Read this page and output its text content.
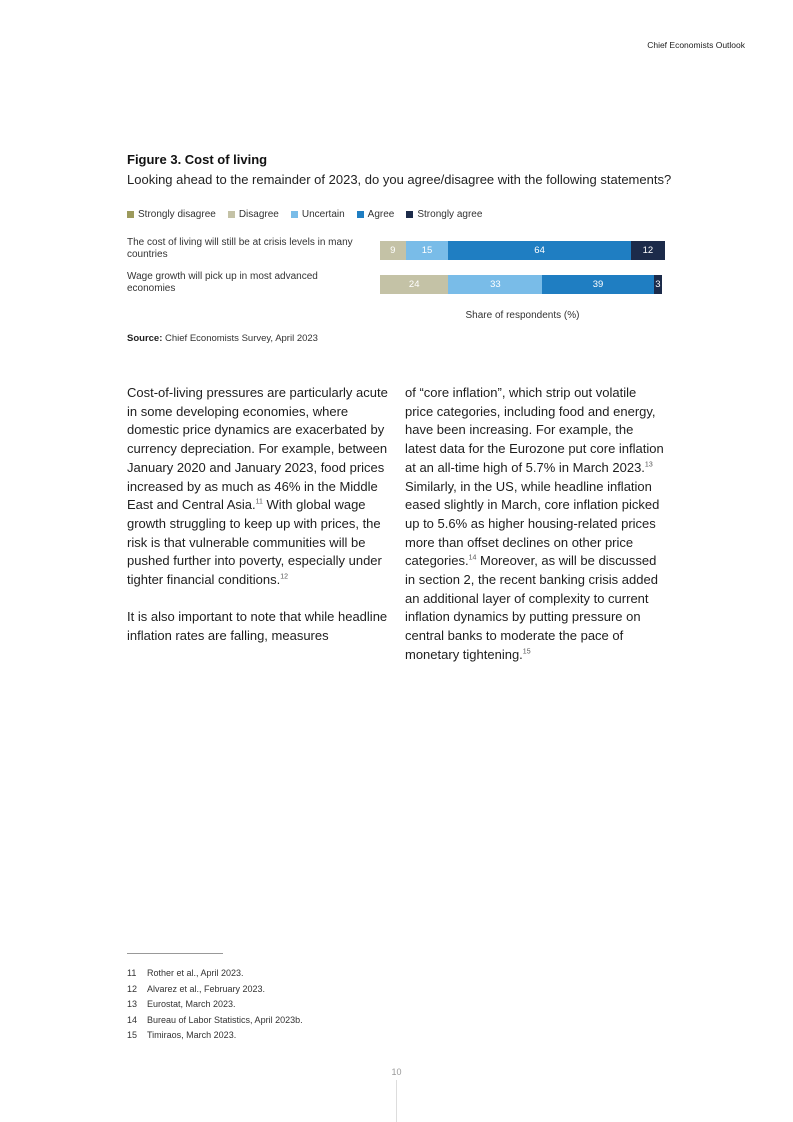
Chief Economists Outlook
Figure 3. Cost of living
Looking ahead to the remainder of 2023, do you agree/disagree with the following statements?
Strongly disagree Disagree Uncertain Agree Strongly agree
The cost of living will still be at crisis levels in many countries
Wage growth will pick up in most advanced economies
9	15	64	12
24	33	39	3
Share of respondents (%)
Source: Chief Economists Survey, April 2023

Cost-of-living pressures are particularly acute in some developing economies, where domestic price dynamics are exacerbated by currency depreciation. For example, between January 2020 and January 2023, food prices increased by as much as 46% in the Middle East and Central Asia.$^{11}$ With global wage growth struggling to keep up with prices, the risk is that vulnerable communities will be pushed further into poverty, especially under tighter financial conditions.$^{12}$

It is also important to note that while headline inflation rates are falling, measures

of “core inflation”, which strip out volatile price categories, including food and energy, have been increasing. For example, the latest data for the Eurozone put core inflation at an all-time high of 5.7% in March 2023.13 Similarly, in the US, while headline inflation eased slightly in March, core inflation picked up to 5.6% as higher housing-related prices more than offset declines on other price categories.$^{14}$ Moreover, as will be discussed in section 2, the recent banking crisis added an additional layer of complexity to current inflation dynamics by putting pressure on central banks to moderate the pace of monetary tightening.$^{15}$

11 Rother et al., April 2023.
12 Alvarez et al., February 2023.
13 Eurostat, March 2023.
14 Bureau of Labor Statistics, April 2023b.
15 Timiraos, March 2023.
10
